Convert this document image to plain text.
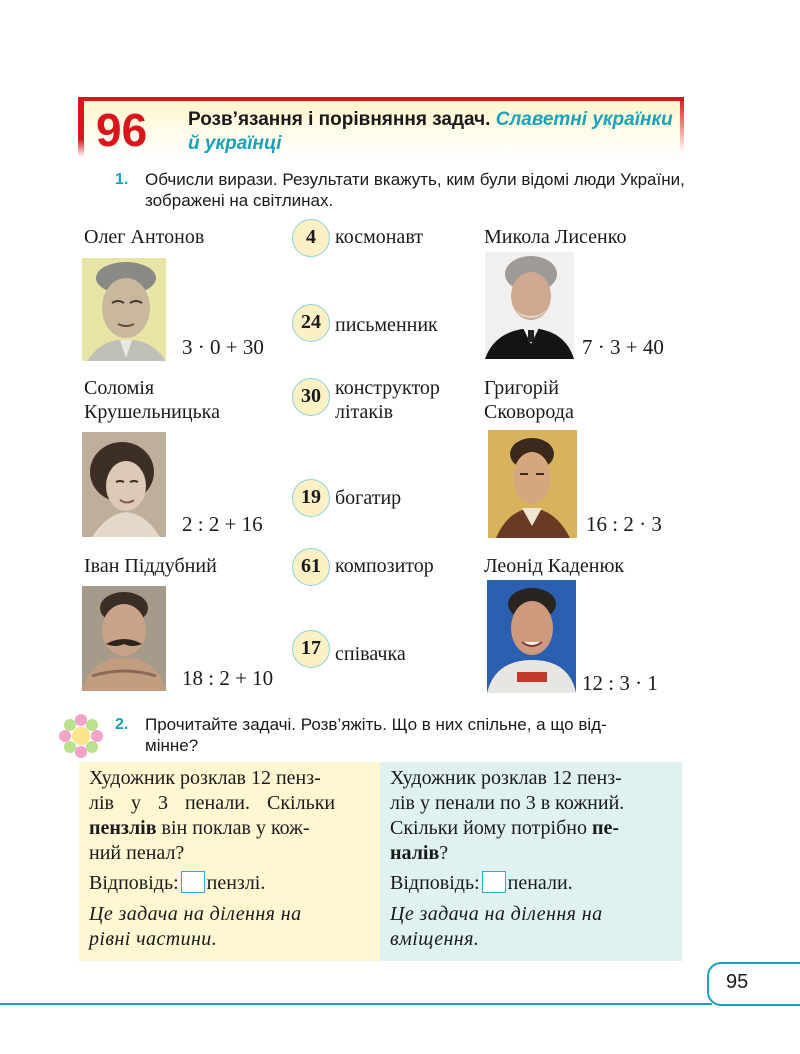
96 Розв’язання і порівняння задач. Славетні українки й українці
1. Обчисли вирази. Результати вкажуть, ким були відомі люди України, зображені на світлинах.
Олег Антонов
3 · 0 + 30
4 космонавт	Микола Лисенко
7 · 3 + 40
24 письменник
Соломія
Крушельницька
2 : 2 + 16
30 конструктор
літаків
Григорій
Сковорода
16 : 2 · 3
19 богатир
Іван Піддубний
18 : 2 + 10
61 композитор	Леонід Каденюк
12 : 3 · 1
17 співачка
2. Прочитайте задачі. Розв’яжіть. Що в них спільне, а що від-
мінне?
Художник розклав 12 пенз-
лів у 3 пенали. Скільки
пензлів він поклав у кож-
ний пенал?
Відповідь: пензлі.
Це задача на ділення на
рівні частини.
Художник розклав 12 пенз-
лів у пенали по 3 в кожний.
Скільки йому потрібно пе-
налів?
Відповідь: пенали.
Це задача на ділення на
вміщення.
95
